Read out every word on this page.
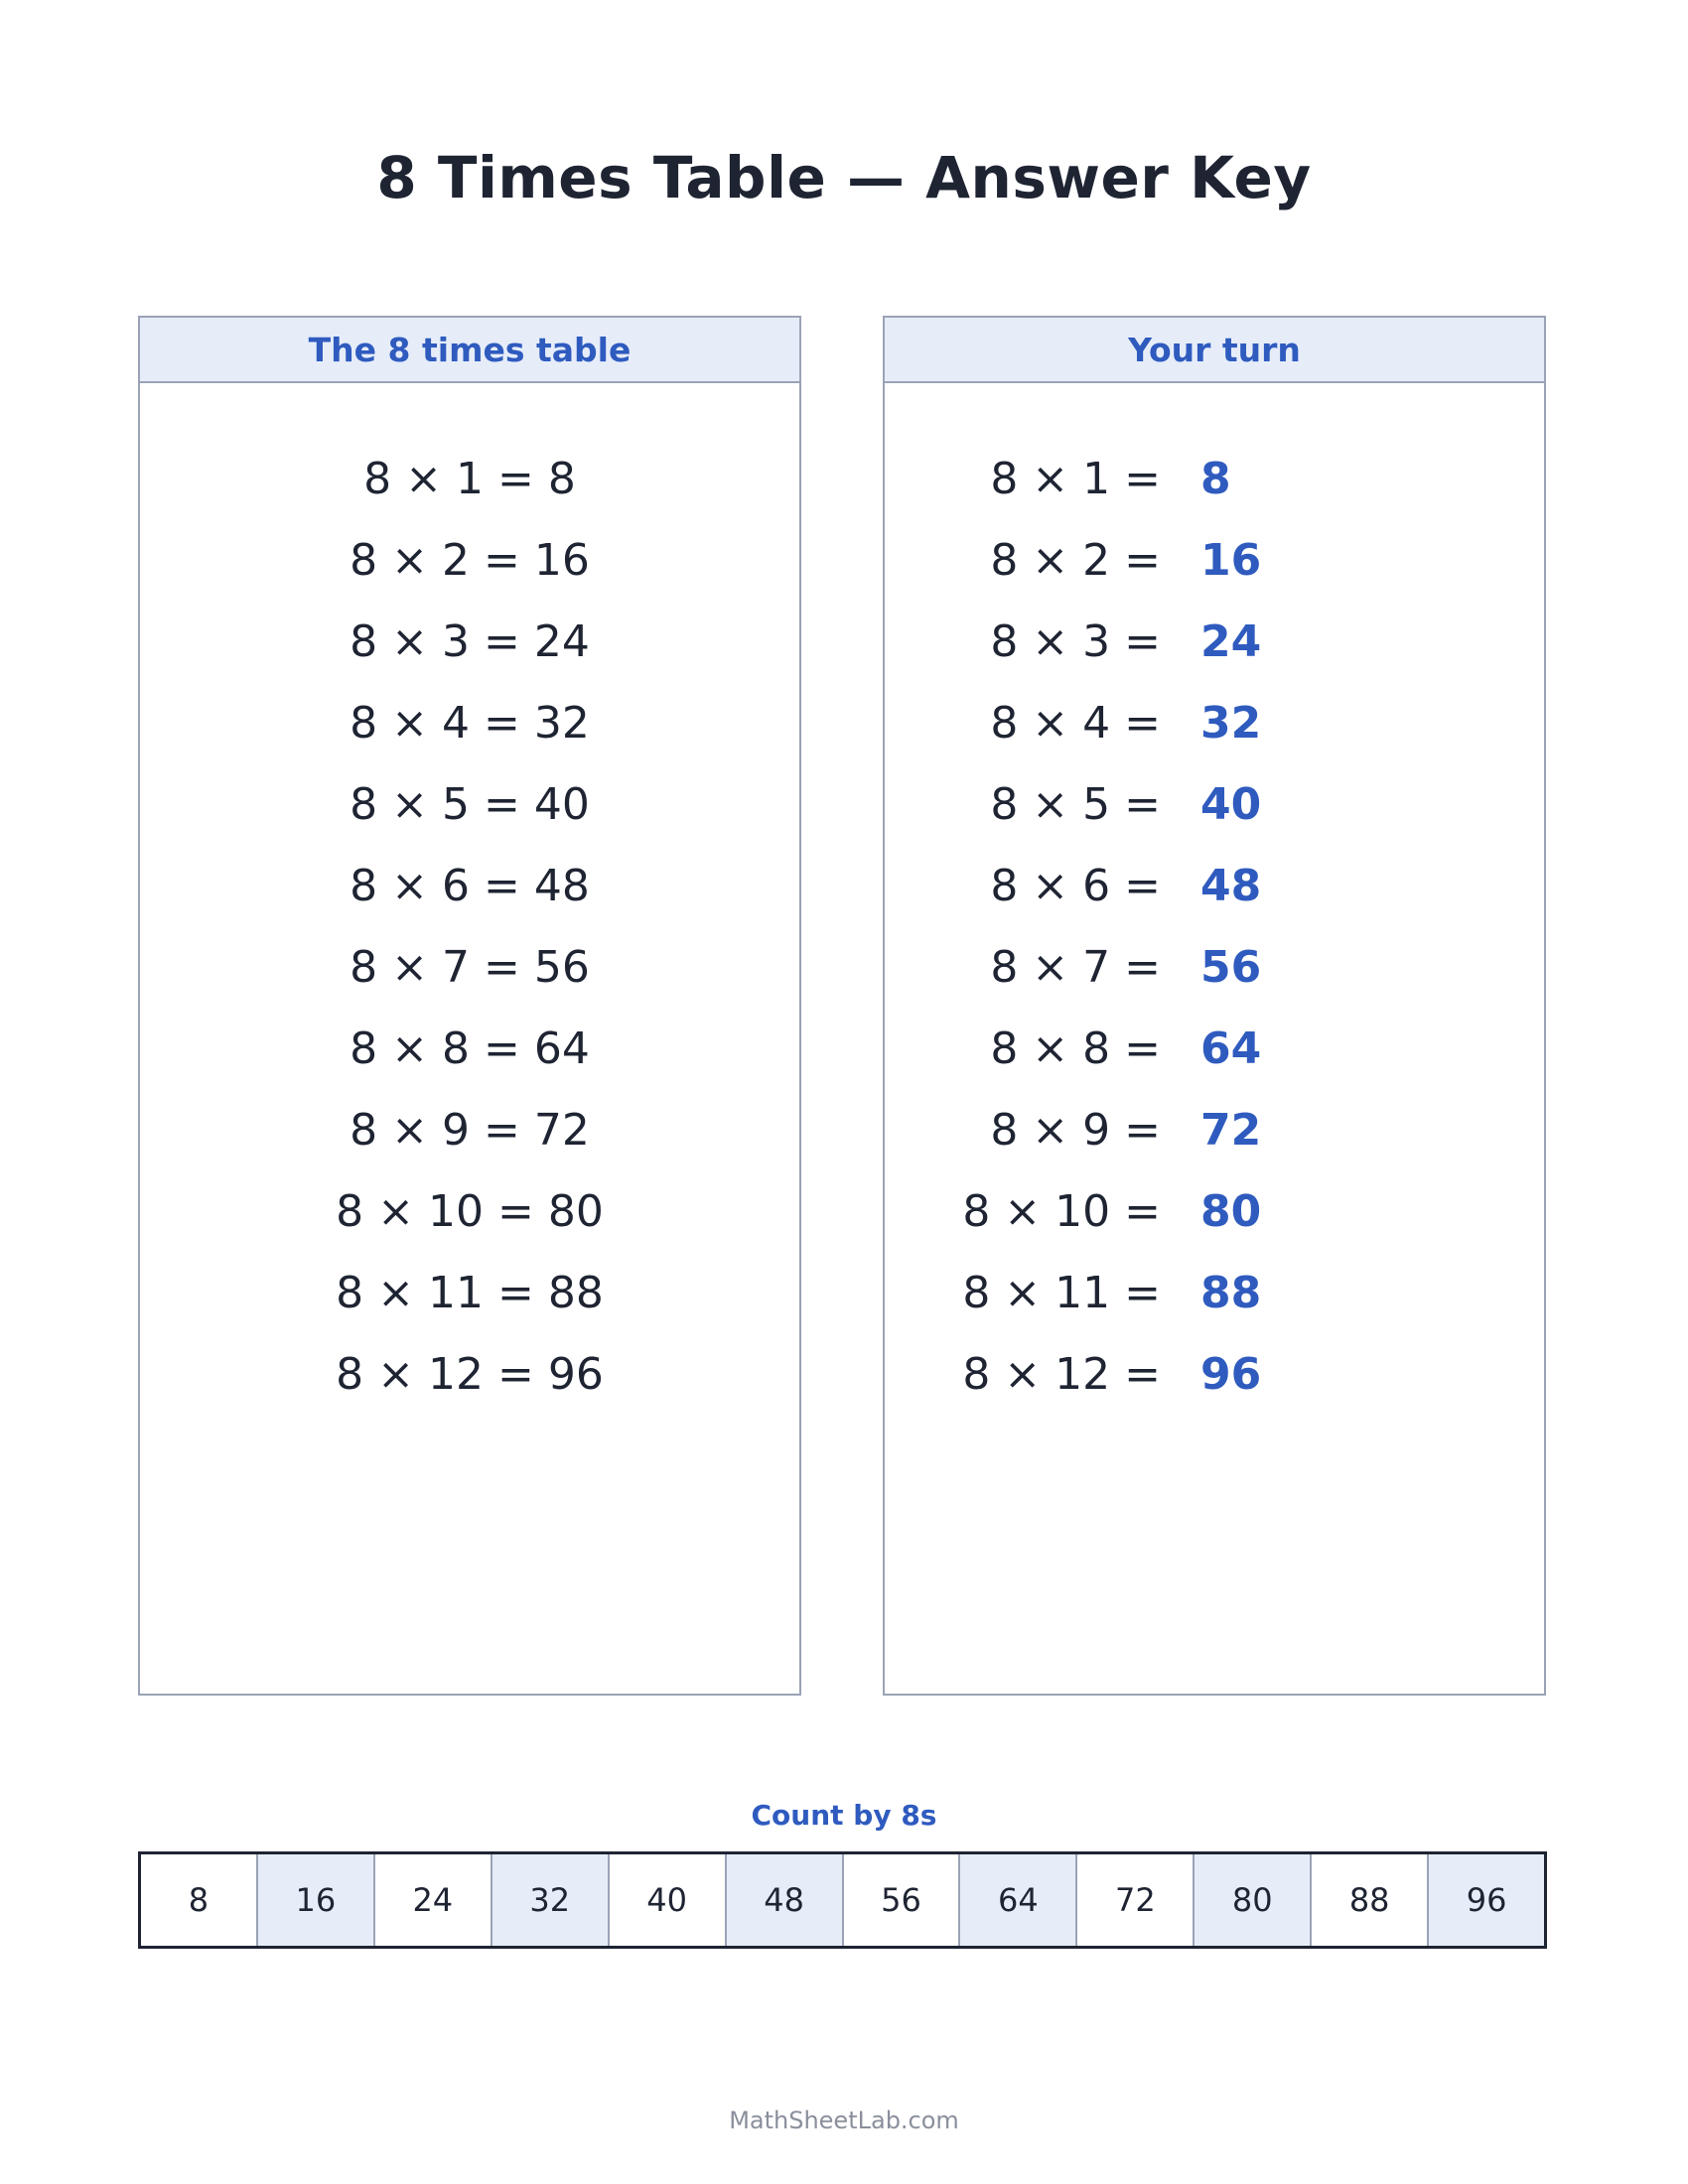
8 Times Table — Answer Key
The 8 times table
8 × 1 = 8
8 × 2 = 16
8 × 3 = 24
8 × 4 = 32
8 × 5 = 40
8 × 6 = 48
8 × 7 = 56
8 × 8 = 64
8 × 9 = 72
8 × 10 = 80
8 × 11 = 88
8 × 12 = 96
Your turn
8 × 1 = 8
8 × 2 = 16
8 × 3 = 24
8 × 4 = 32
8 × 5 = 40
8 × 6 = 48
8 × 7 = 56
8 × 8 = 64
8 × 9 = 72
8 × 10 = 80
8 × 11 = 88
8 × 12 = 96
Count by 8s
8	16	24	32	40	48	56	64	72	80	88	96
MathSheetLab.com
